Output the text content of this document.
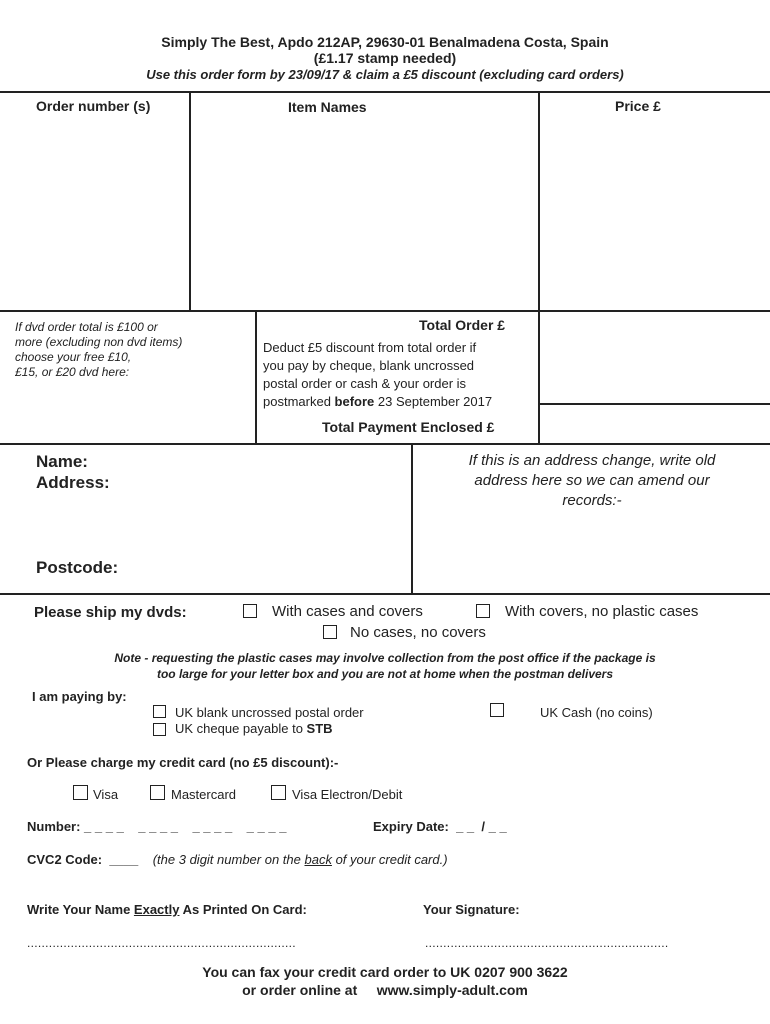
Simply The Best, Apdo 212AP, 29630-01 Benalmadena Costa, Spain
(£1.17 stamp needed)
Use this order form by 23/09/17 & claim a £5 discount (excluding card orders)
Order number (s)	Item Names	Price £
If dvd order total is £100 or
more (excluding non dvd items)
choose your free £10,
£15, or £20 dvd here:
Total Order £
Deduct £5 discount from total order if
you pay by cheque, blank uncrossed
postal order or cash & your order is
postmarked before 23 September 2017
Total Payment Enclosed £
Name:
Address:
Postcode:
If this is an address change, write old
address here so we can amend our
records:-
Please ship my dvds:	With cases and covers	With covers, no plastic cases
No cases, no covers
Note - requesting the plastic cases may involve collection from the post office if the package is
too large for your letter box and you are not at home when the postman delivers
I am paying by:
UK blank uncrossed postal order
UK cheque payable to STB
UK Cash (no coins)
Or Please charge my credit card (no £5 discount):-
Visa	Mastercard	Visa Electron/Debit
Number: _ _ _ _    _ _ _ _    _ _ _ _    _ _ _ _	Expiry Date:  _ _  / _ _
CVC2 Code:  ____ (the 3 digit number on the back of your credit card.)
Write Your Name Exactly As Printed On Card:	Your Signature:
..........................................................................	...................................................................
You can fax your credit card order to UK 0207 900 3622
or order online at www.simply-adult.com
